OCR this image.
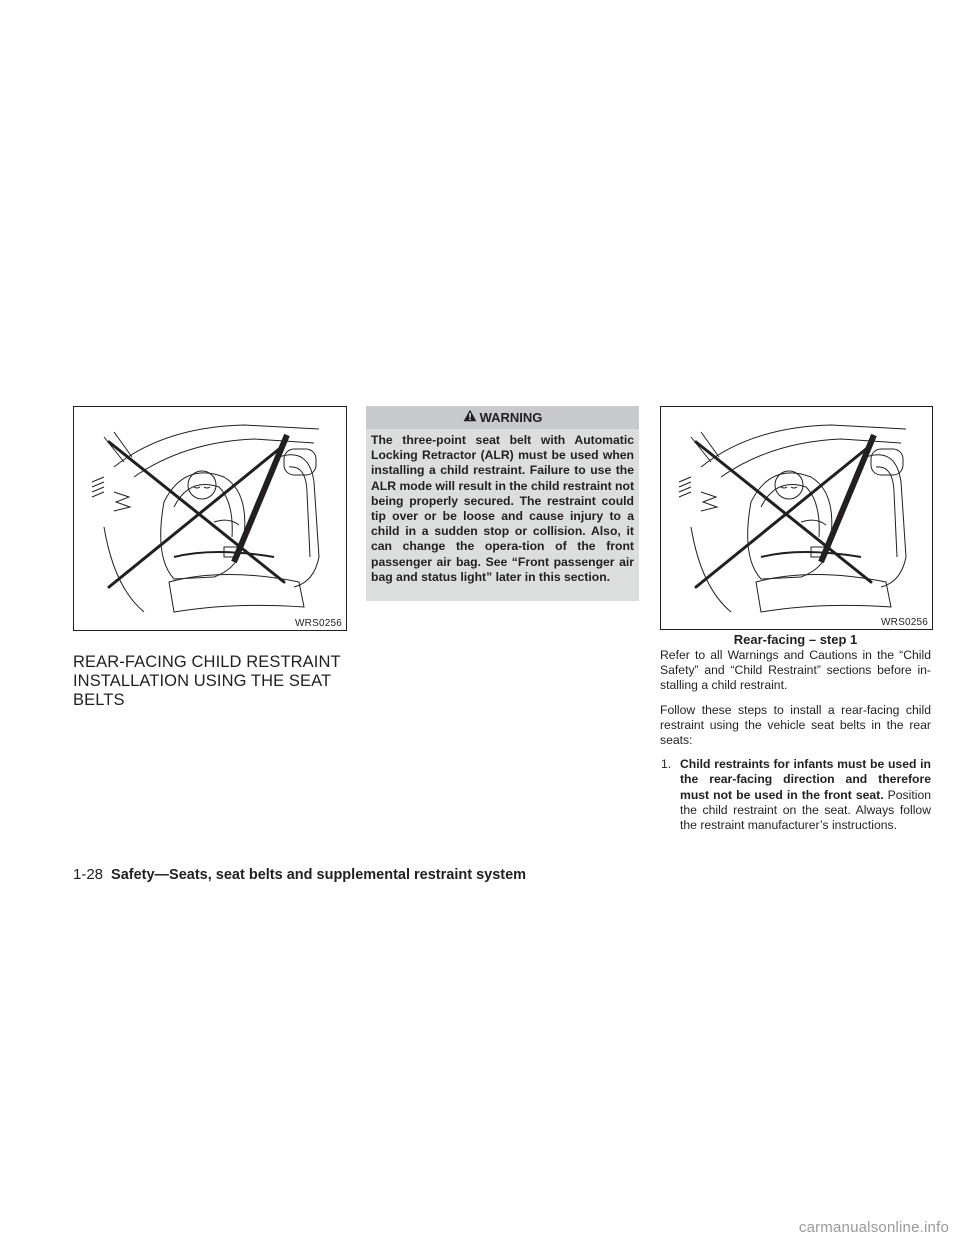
WRS0256
REAR-FACING CHILD RESTRAINT INSTALLATION USING THE SEAT BELTS
WARNING
The three-point seat belt with Automatic Locking Retractor (ALR) must be used when installing a child restraint. Failure to use the ALR mode will result in the child restraint not being properly secured. The restraint could tip over or be loose and cause injury to a child in a sudden stop or collision. Also, it can change the opera-tion of the front passenger air bag. See “Front passenger air bag and status light” later in this section.
WRS0256
Rear-facing – step 1

Refer to all Warnings and Cautions in the “Child Safety” and “Child Restraint” sections before in-stalling a child restraint.

Follow these steps to install a rear-facing child restraint using the vehicle seat belts in the rear seats:

1. Child restraints for infants must be used in the rear-facing direction and therefore must not be used in the front seat. Position the child restraint on the seat. Always follow the restraint manufacturer’s instructions.
1-28 Safety—Seats, seat belts and supplemental restraint system
carmanualsonline.info
